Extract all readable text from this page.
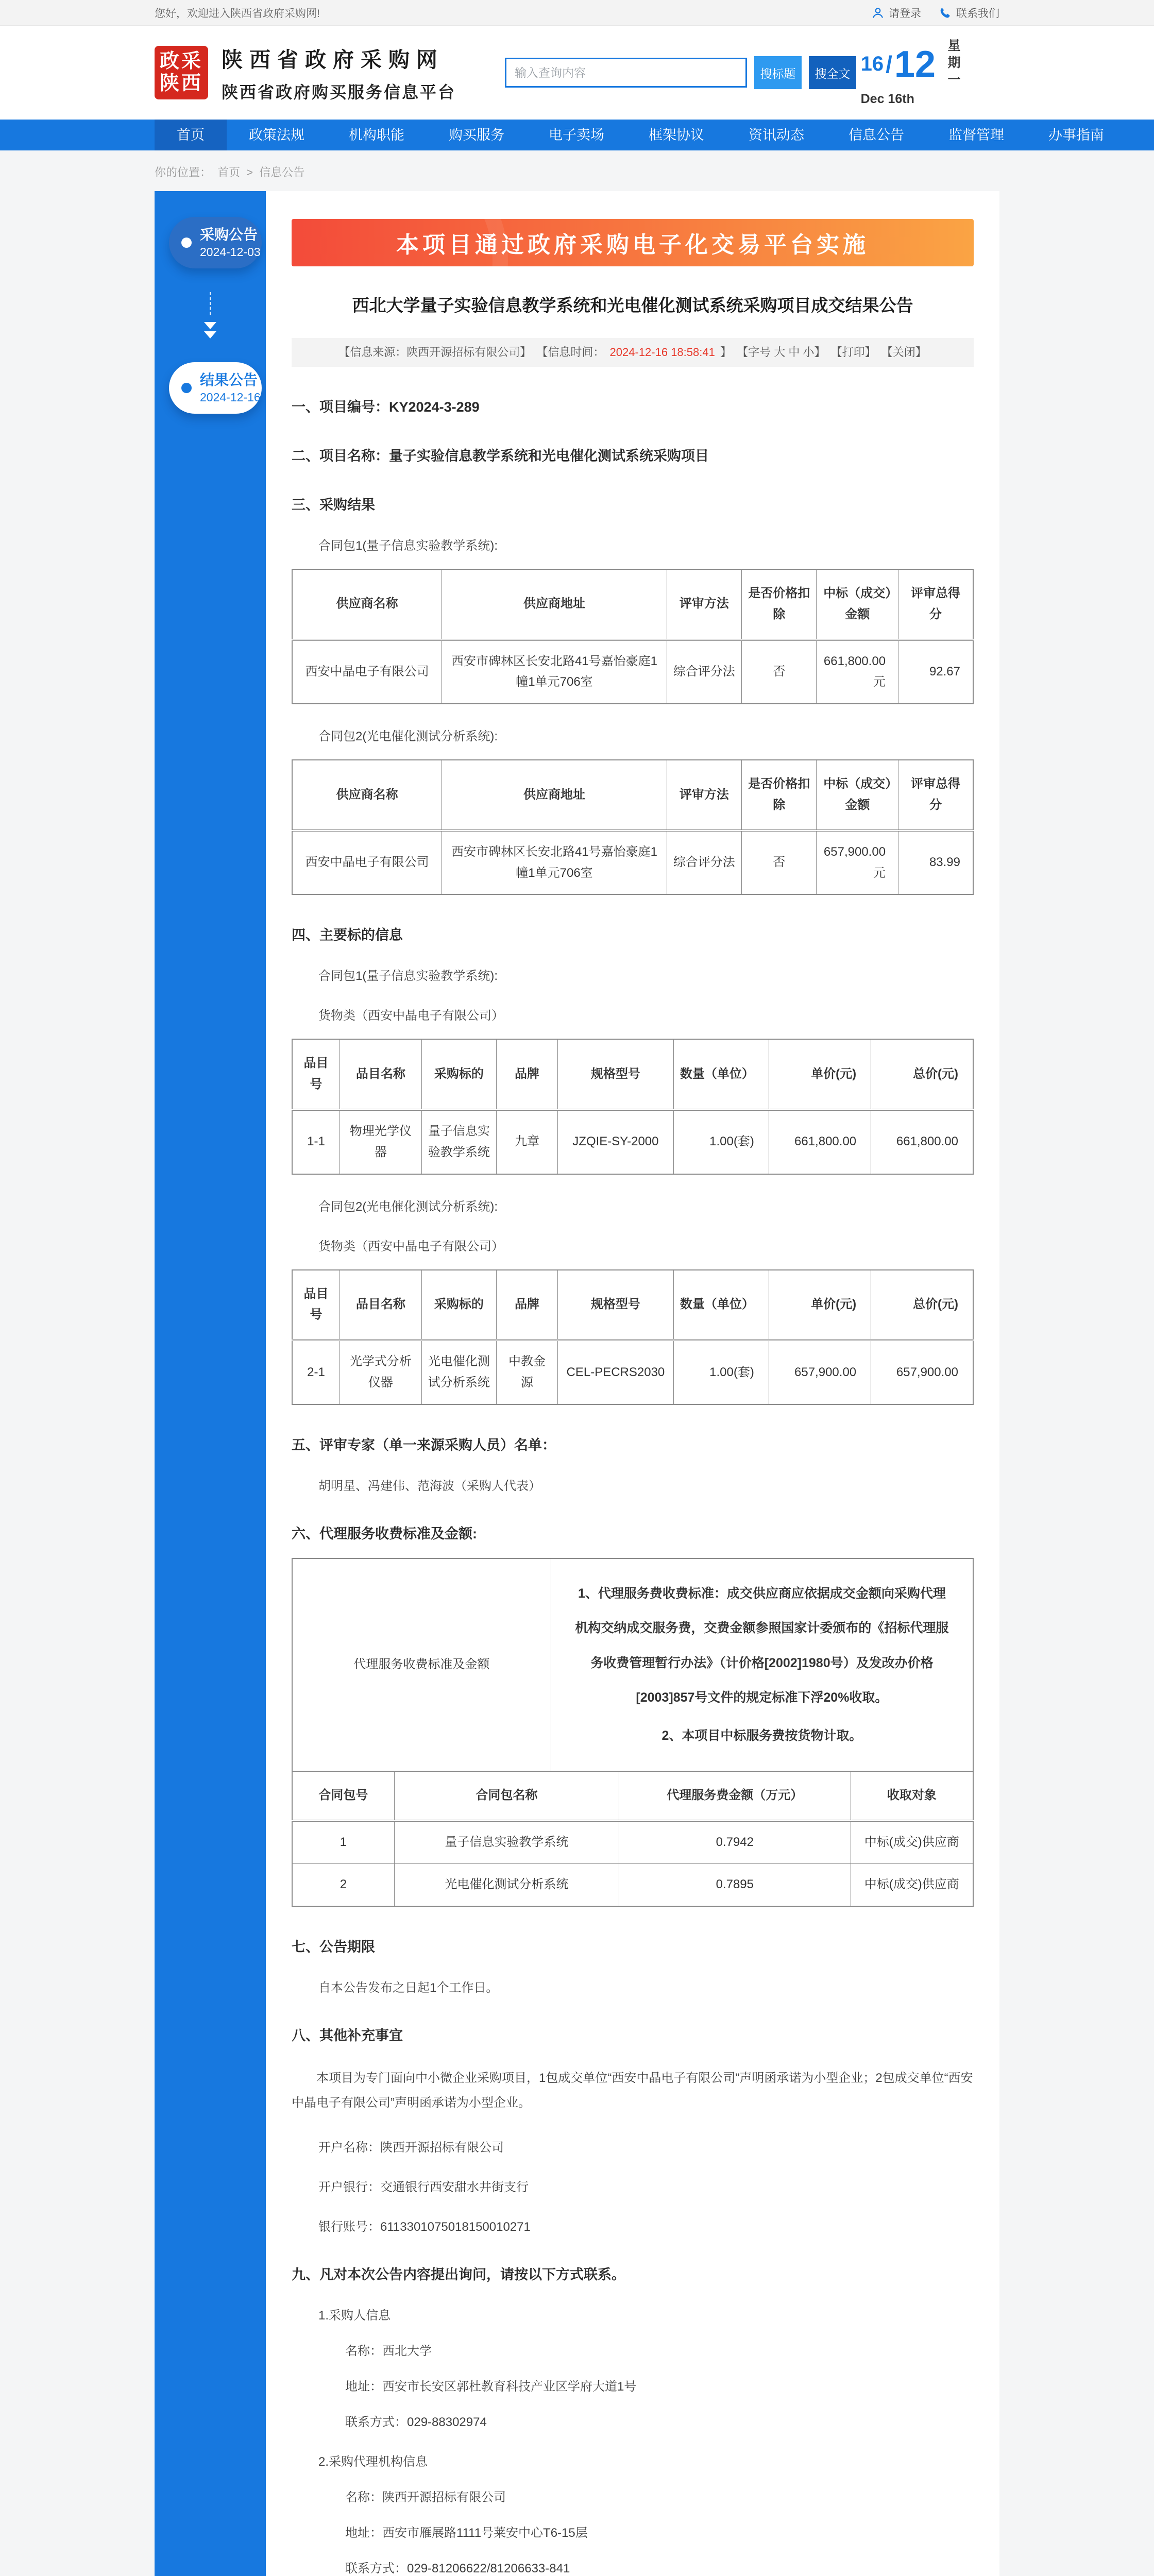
您好，欢迎进入陕西省政府采购网!	请登录	联系我们
政采
陕西
陕西省政府采购网
陕西省政府购买服务信息平台
输入查询内容
搜标题	搜全文 16 / 12 星期一
Dec 16th
首页	政策法规	机构职能	购买服务	电子卖场	框架协议	资讯动态	信息公告	监督管理	办事指南
你的位置： 首页 > 信息公告
采购公告
2024-12-03
结果公告
2024-12-16
本项目通过政府采购电子化交易平台实施
西北大学量子实验信息教学系统和光电催化测试系统采购项目成交结果公告
【信息来源：陕西开源招标有限公司】 【信息时间： 2024-12-16 18:58:41 】 【字号 大 中 小】 【打印】 【关闭】
一、项目编号：KY2024-3-289
二、项目名称：量子实验信息教学系统和光电催化测试系统采购项目
三、采购结果
合同包1(量子信息实验教学系统):
供应商名称	供应商地址	评审方法	是否价格扣除	中标（成交）金额	评审总得分
西安中晶电子有限公司	西安市碑林区长安北路41号嘉怡豪庭1幢1单元706室	综合评分法	否	661,800.00元	92.67
合同包2(光电催化测试分析系统):
供应商名称	供应商地址	评审方法	是否价格扣除	中标（成交）金额	评审总得分
西安中晶电子有限公司	西安市碑林区长安北路41号嘉怡豪庭1幢1单元706室	综合评分法	否	657,900.00元	83.99
四、主要标的信息
合同包1(量子信息实验教学系统):
货物类（西安中晶电子有限公司）
品目号	品目名称	采购标的	品牌	规格型号	数量（单位）	单价(元)	总价(元)
1-1	物理光学仪器	量子信息实验教学系统	九章	JZQIE-SY-2000	1.00(套)	661,800.00	661,800.00
合同包2(光电催化测试分析系统):
货物类（西安中晶电子有限公司）
品目号	品目名称	采购标的	品牌	规格型号	数量（单位）	单价(元)	总价(元)
2-1	光学式分析仪器	光电催化测试分析系统	中教金源	CEL-PECRS2030	1.00(套)	657,900.00	657,900.00
五、评审专家（单一来源采购人员）名单：
胡明星、冯建伟、范海波（采购人代表）
六、代理服务收费标准及金额:
代理服务收费标准及金额	

1、代理服务费收费标准：成交供应商应依据成交金额向采购代理机构交纳成交服务费，交费金额参照国家计委颁布的《招标代理服务收费管理暂行办法》（计价格[2002]1980号）及发改办价格[2003]857号文件的规定标准下浮20%收取。

2、本项目中标服务费按货物计取。

合同包号	合同包名称	代理服务费金额（万元）	收取对象
1	量子信息实验教学系统	0.7942	中标(成交)供应商
2	光电催化测试分析系统	0.7895	中标(成交)供应商
七、公告期限
自本公告发布之日起1个工作日。
八、其他补充事宜

本项目为专门面向中小微企业采购项目，1包成交单位“西安中晶电子有限公司”声明函承诺为小型企业；2包成交单位“西安中晶电子有限公司”声明函承诺为小型企业。

开户名称：陕西开源招标有限公司
开户银行：交通银行西安甜水井街支行
银行账号：6113301075018150010271
九、凡对本次公告内容提出询问，请按以下方式联系。
1.采购人信息
名称：西北大学
地址：西安市长安区郭杜教育科技产业区学府大道1号
联系方式：029-88302974
2.采购代理机构信息
名称：陕西开源招标有限公司
地址：西安市雁展路1111号莱安中心T6-15层
联系方式：029-81206622/81206633-841
